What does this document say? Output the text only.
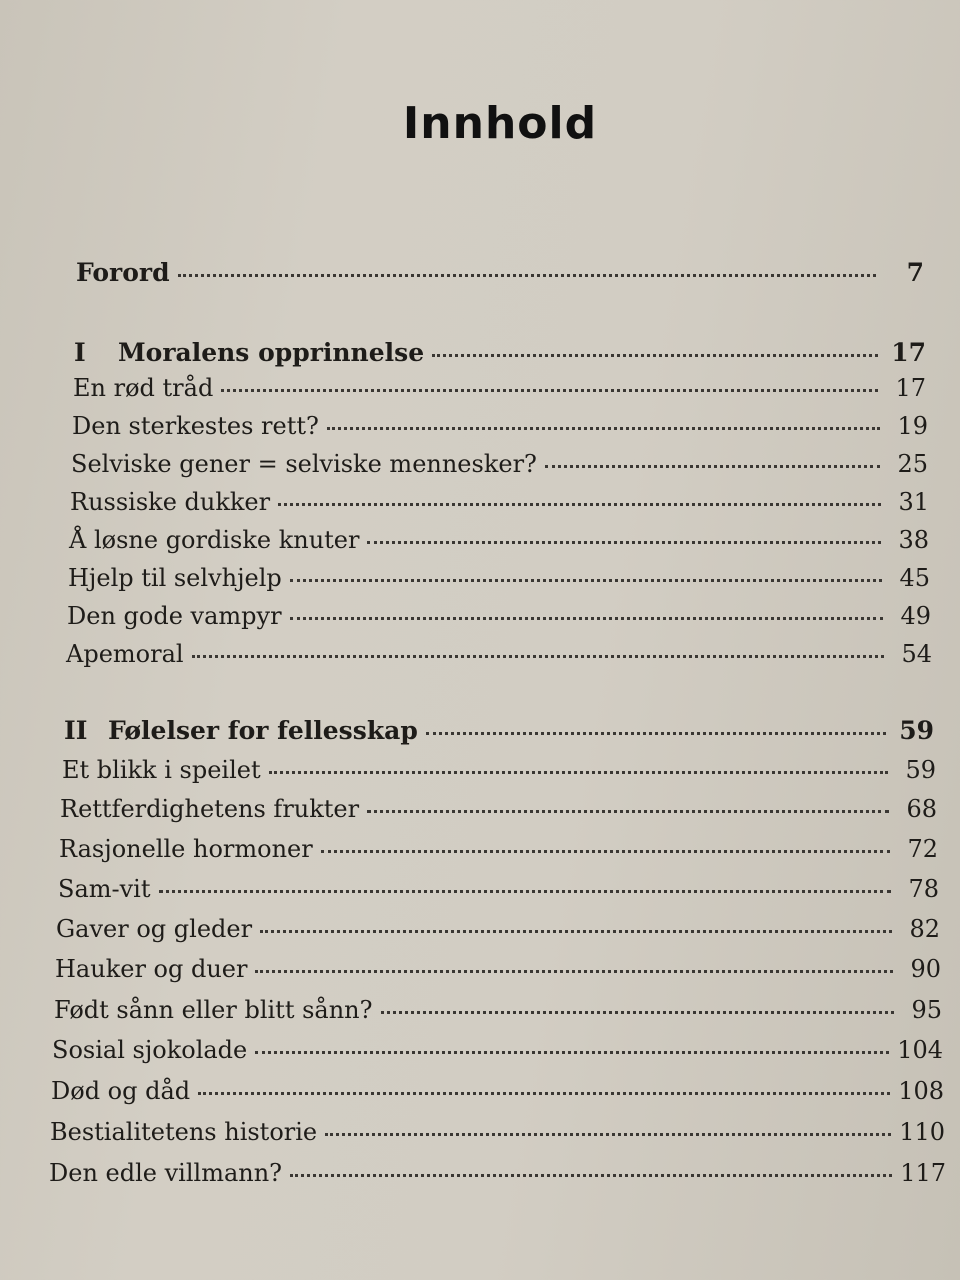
Innhold
Forord	7
I Moralens opprinnelse	17
En rød tråd	17
Den sterkestes rett?	19
Selviske gener = selviske mennesker?	25
Russiske dukker	31
Å løsne gordiske knuter	38
Hjelp til selvhjelp	45
Den gode vampyr	49
Apemoral	54
II Følelser for fellesskap	59
Et blikk i speilet	59
Rettferdighetens frukter	68
Rasjonelle hormoner	72
Sam-vit	78
Gaver og gleder	82
Hauker og duer	90
Født sånn eller blitt sånn?	95
Sosial sjokolade	104
Død og dåd	108
Bestialitetens historie	110
Den edle villmann?	117
